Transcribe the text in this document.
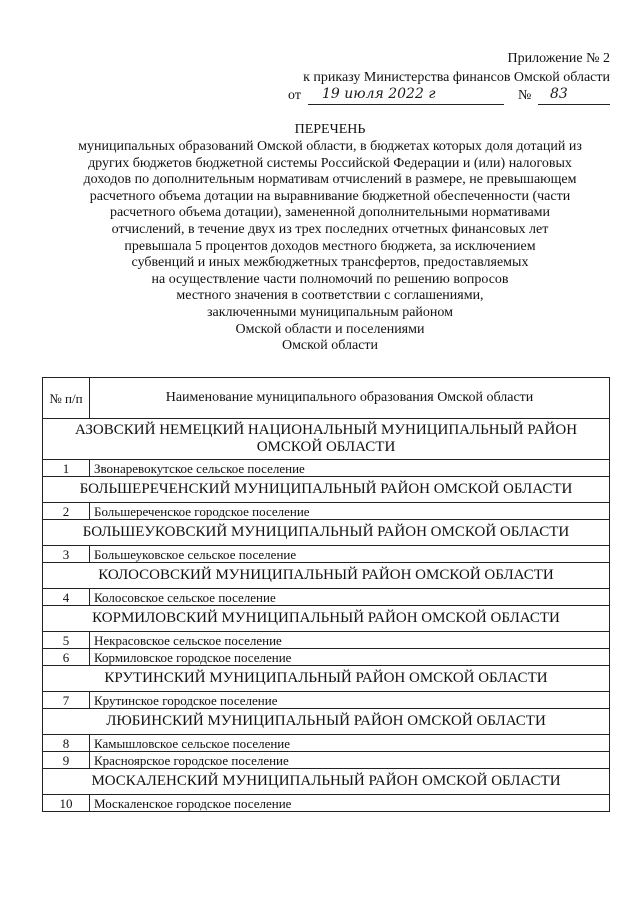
Приложение № 2
к приказу Министерства финансов Омской области
от 19 июля 2022 г	№ 83
ПЕРЕЧЕНЬ
муниципальных образований Омской области, в бюджетах которых доля дотаций из
других бюджетов бюджетной системы Российской Федерации и (или) налоговых
доходов по дополнительным нормативам отчислений в размере, не превышающем
расчетного объема дотации на выравнивание бюджетной обеспеченности (части
расчетного объема дотации), замененной дополнительными нормативами
отчислений, в течение двух из трех последних отчетных финансовых лет
превышала 5 процентов доходов местного бюджета, за исключением
субвенций и иных межбюджетных трансфертов, предоставляемых
на осуществление части полномочий по решению вопросов
местного значения в соответствии с соглашениями,
заключенными муниципальным районом
Омской области и поселениями
Омской области
№ п/п	Наименование муниципального образования Омской области
АЗОВСКИЙ НЕМЕЦКИЙ НАЦИОНАЛЬНЫЙ МУНИЦИПАЛЬНЫЙ РАЙОН ОМСКОЙ ОБЛАСТИ	
1	Звонаревокутское сельское поселение
БОЛЬШЕРЕЧЕНСКИЙ МУНИЦИПАЛЬНЫЙ РАЙОН ОМСКОЙ ОБЛАСТИ	
2	Большереченское городское поселение
БОЛЬШЕУКОВСКИЙ МУНИЦИПАЛЬНЫЙ РАЙОН ОМСКОЙ ОБЛАСТИ	
3	Большеуковское сельское поселение
КОЛОСОВСКИЙ МУНИЦИПАЛЬНЫЙ РАЙОН ОМСКОЙ ОБЛАСТИ	
4	Колосовское сельское поселение
КОРМИЛОВСКИЙ МУНИЦИПАЛЬНЫЙ РАЙОН ОМСКОЙ ОБЛАСТИ	
5	Некрасовское сельское поселение
6	Кормиловское городское поселение
КРУТИНСКИЙ МУНИЦИПАЛЬНЫЙ РАЙОН ОМСКОЙ ОБЛАСТИ	
7	Крутинское городское поселение
ЛЮБИНСКИЙ МУНИЦИПАЛЬНЫЙ РАЙОН ОМСКОЙ ОБЛАСТИ	
8	Камышловское сельское поселение
9	Красноярское городское поселение
МОСКАЛЕНСКИЙ МУНИЦИПАЛЬНЫЙ РАЙОН ОМСКОЙ ОБЛАСТИ	
10	Москаленское городское поселение
